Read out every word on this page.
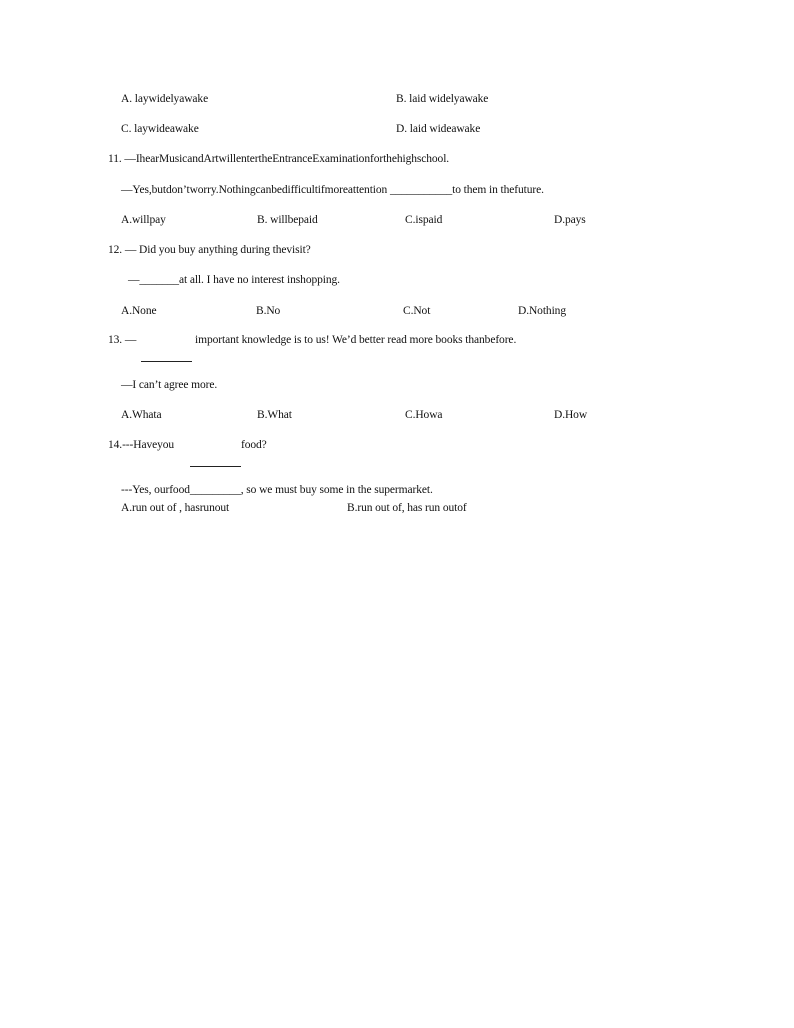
A. laywidelyawake	B. laid widelyawake
C. laywideawake	D. laid wideawake
11. —IhearMusicandArtwillentertheEntranceExaminationforthehighschool.
—Yes,butdon’tworry.Nothingcanbedifficultifmoreattention ___________to them in thefuture.
A.willpay	B. willbepaid	C.ispaid	D.pays
12. — Did you buy anything during thevisit?
—_______at all. I have no interest inshopping.
A.None	B.No	C.Not	D.Nothing
13. —	important knowledge is to us! We’d better read more books thanbefore.
—I can’t agree more.
A.Whata	B.What	C.Howa	D.How
14.---Haveyou	food?
---Yes, ourfood_________, so we must buy some in the supermarket.
A.run out of , hasrunout	B.run out of, has run outof
